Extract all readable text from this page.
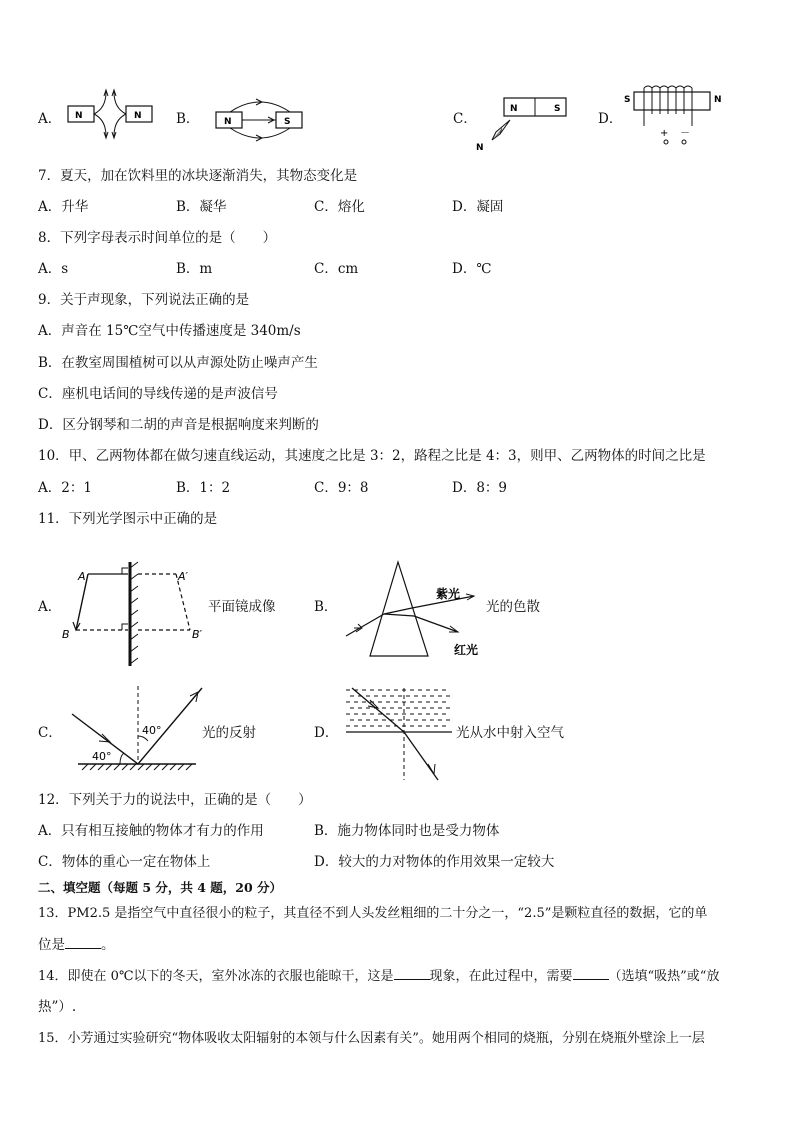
A． N	N	B．	N	S	C．
N	S
N
D．
S	N
+ －
7．夏天，加在饮料里的冰块逐渐消失，其物态变化是
A．升华	B．凝华	C．熔化	D．凝固
8．下列字母表示时间单位的是（　　）
A．s	B．m	C．cm	D．℃
9．关于声现象，下列说法正确的是
A．声音在 15℃空气中传播速度是 340m/s
B．在教室周围植树可以从声源处防止噪声产生
C．座机电话间的导线传递的是声波信号
D．区分钢琴和二胡的声音是根据响度来判断的
10．甲、乙两物体都在做匀速直线运动，其速度之比是 3：2，路程之比是 4：3，则甲、乙两物体的时间之比是
A．2：1	B．1：2	C．9：8	D．8：9
11．下列光学图示中正确的是
A．
A	A′
B	B′
平面镜成像	B．
紫光
红光
光的色散
C．
40°
40°	光的反射	D．	光从水中射入空气
12．下列关于力的说法中，正确的是（　　）
A．只有相互接触的物体才有力的作用	B．施力物体同时也是受力物体
C．物体的重心一定在物体上	D．较大的力对物体的作用效果一定较大
二、填空题（每题 5 分，共 4 题，20 分）
13．PM2.5 是指空气中直径很小的粒子，其直径不到人头发丝粗细的二十分之一，“2.5”是颗粒直径的数据，它的单
位是	。
14．即使在 0℃以下的冬天，室外冰冻的衣服也能晾干，这是	现象，在此过程中，需要	（选填“吸热”或“放
热”）.
15．小芳通过实验研究“物体吸收太阳辐射的本领与什么因素有关”。她用两个相同的烧瓶，分别在烧瓶外壁涂上一层
